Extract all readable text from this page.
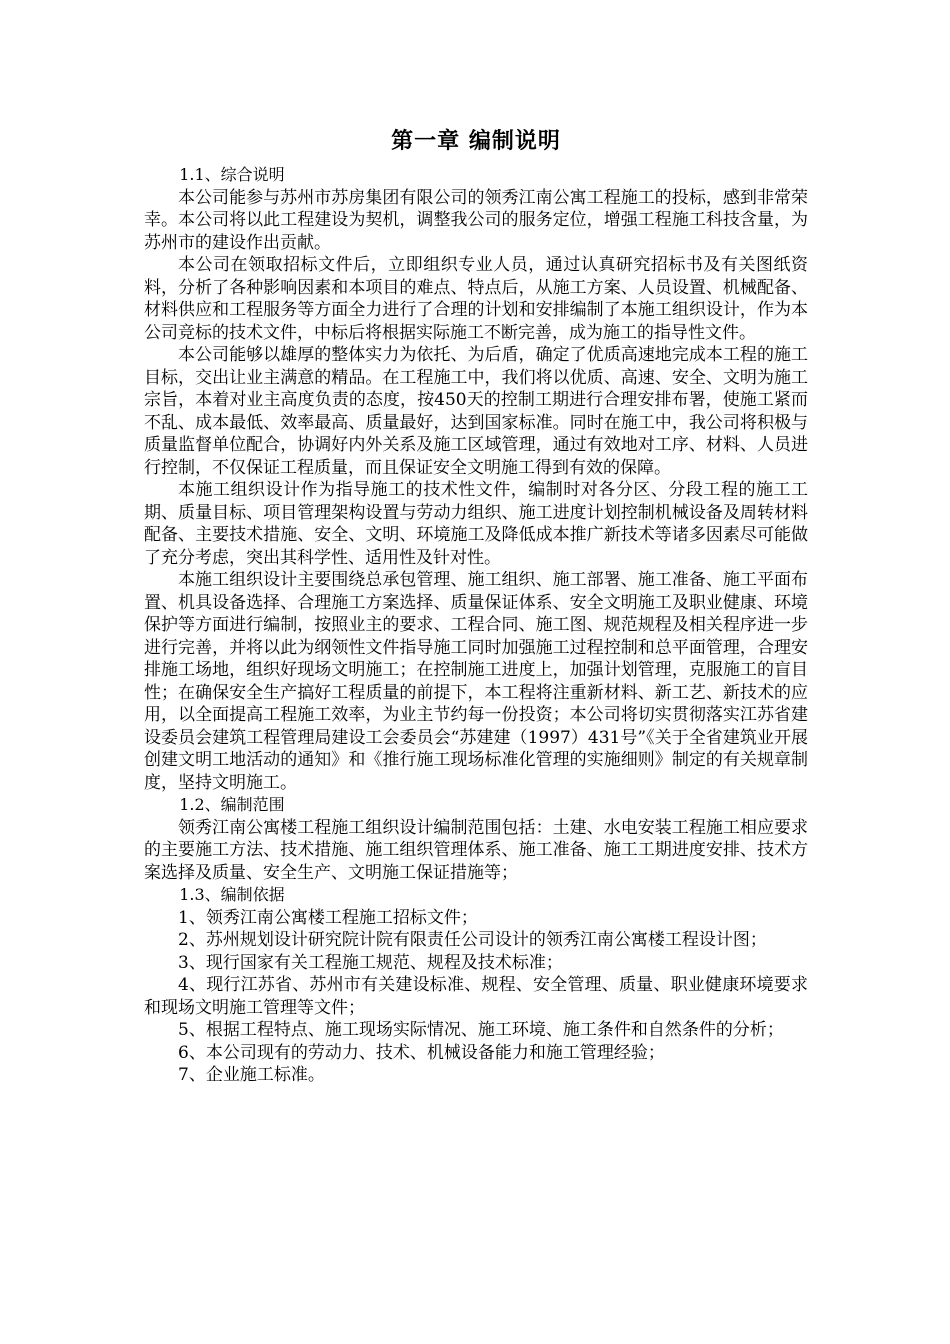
第一章 编制说明

1.1、综合说明

本公司能参与苏州市苏房集团有限公司的领秀江南公寓工程施工的投标，感到非常荣幸。本公司将以此工程建设为契机，调整我公司的服务定位，增强工程施工科技含量，为苏州市的建设作出贡献。

本公司在领取招标文件后，立即组织专业人员，通过认真研究招标书及有关图纸资料，分析了各种影响因素和本项目的难点、特点后，从施工方案、人员设置、机械配备、材料供应和工程服务等方面全力进行了合理的计划和安排编制了本施工组织设计，作为本公司竞标的技术文件，中标后将根据实际施工不断完善，成为施工的指导性文件。

本公司能够以雄厚的整体实力为依托、为后盾，确定了优质高速地完成本工程的施工目标，交出让业主满意的精品。在工程施工中，我们将以优质、高速、安全、文明为施工宗旨，本着对业主高度负责的态度，按450天的控制工期进行合理安排布署，使施工紧而不乱、成本最低、效率最高、质量最好，达到国家标准。同时在施工中，我公司将积极与质量监督单位配合，协调好内外关系及施工区域管理，通过有效地对工序、材料、人员进行控制，不仅保证工程质量，而且保证安全文明施工得到有效的保障。

本施工组织设计作为指导施工的技术性文件，编制时对各分区、分段工程的施工工期、质量目标、项目管理架构设置与劳动力组织、施工进度计划控制机械设备及周转材料配备、主要技术措施、安全、文明、环境施工及降低成本推广新技术等诸多因素尽可能做了充分考虑，突出其科学性、适用性及针对性。

本施工组织设计主要围绕总承包管理、施工组织、施工部署、施工准备、施工平面布置、机具设备选择、合理施工方案选择、质量保证体系、安全文明施工及职业健康、环境保护等方面进行编制，按照业主的要求、工程合同、施工图、规范规程及相关程序进一步进行完善，并将以此为纲领性文件指导施工同时加强施工过程控制和总平面管理，合理安排施工场地，组织好现场文明施工；在控制施工进度上，加强计划管理，克服施工的盲目性；在确保安全生产搞好工程质量的前提下，本工程将注重新材料、新工艺、新技术的应用，以全面提高工程施工效率，为业主节约每一份投资；本公司将切实贯彻落实江苏省建设委员会建筑工程管理局建设工会委员会“苏建建（1997）431号”《关于全省建筑业开展创建文明工地活动的通知》和《推行施工现场标准化管理的实施细则》制定的有关规章制度，坚持文明施工。

1.2、编制范围

领秀江南公寓楼工程施工组织设计编制范围包括：土建、水电安装工程施工相应要求的主要施工方法、技术措施、施工组织管理体系、施工准备、施工工期进度安排、技术方案选择及质量、安全生产、文明施工保证措施等；

1.3、编制依据

1、领秀江南公寓楼工程施工招标文件；

2、苏州规划设计研究院计院有限责任公司设计的领秀江南公寓楼工程设计图；

3、现行国家有关工程施工规范、规程及技术标准；

4、现行江苏省、苏州市有关建设标准、规程、安全管理、质量、职业健康环境要求和现场文明施工管理等文件；

5、根据工程特点、施工现场实际情况、施工环境、施工条件和自然条件的分析；

6、本公司现有的劳动力、技术、机械设备能力和施工管理经验；

7、企业施工标准。
